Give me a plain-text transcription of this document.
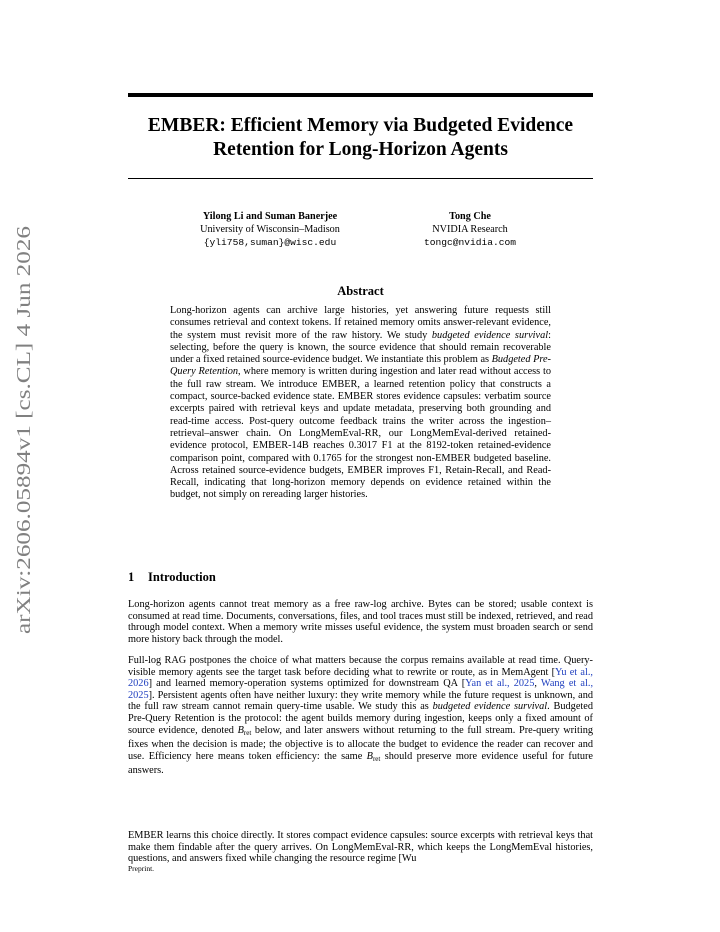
arXiv:2606.05894v1 [cs.CL] 4 Jun 2026
EMBER: Efficient Memory via Budgeted Evidence Retention for Long-Horizon Agents
Yilong Li and Suman Banerjee
University of Wisconsin–Madison
{yli758,suman}@wisc.edu
Tong Che
NVIDIA Research
tongc@nvidia.com
Abstract

Long-horizon agents can archive large histories, yet answering future requests still consumes retrieval and context tokens. If retained memory omits answer-relevant evidence, the system must revisit more of the raw history. We study budgeted evidence survival: selecting, before the query is known, the source evidence that should remain recoverable under a fixed retained source-evidence budget. We instantiate this problem as Budgeted Pre-Query Retention, where memory is written during ingestion and later read without access to the full raw stream. We introduce EMBER, a learned retention policy that constructs a compact, source-backed evidence state. EMBER stores evidence capsules: verbatim source excerpts paired with retrieval keys and update metadata, preserving both grounding and read-time access. Post-query outcome feedback trains the writer across the ingestion–retrieval–answer chain. On LongMemEval-RR, our LongMemEval-derived retained-evidence protocol, EMBER-14B reaches 0.3017 F1 at the 8192-token retained-evidence comparison point, compared with 0.1765 for the strongest non-EMBER budgeted baseline. Across retained source-evidence budgets, EMBER improves F1, Retain-Recall, and Read-Recall, indicating that long-horizon memory depends on evidence retained within the budget, not simply on rereading larger histories.

1 Introduction

Long-horizon agents cannot treat memory as a free raw-log archive. Bytes can be stored; usable context is consumed at read time. Documents, conversations, files, and tool traces must still be indexed, retrieved, and read through model context. When a memory write misses useful evidence, the system must broaden search or send more history back through the model.

Full-log RAG postpones the choice of what matters because the corpus remains available at read time. Query-visible memory agents see the target task before deciding what to rewrite or route, as in MemAgent [Yu et al., 2026] and learned memory-operation systems optimized for downstream QA [Yan et al., 2025, Wang et al., 2025]. Persistent agents often have neither luxury: they write memory while the future request is unknown, and the full raw stream cannot remain query-time usable. We study this as budgeted evidence survival. Budgeted Pre-Query Retention is the protocol: the agent builds memory during ingestion, keeps only a fixed amount of source evidence, denoted $B_{ret}$ below, and later answers without returning to the full stream. Pre-query writing fixes when the decision is made; the objective is to allocate the budget to evidence the reader can recover and use. Efficiency here means token efficiency: the same $B_{ret}$ should preserve more evidence useful for future answers.

EMBER learns this choice directly. It stores compact evidence capsules: source excerpts with retrieval keys that make them findable after the query arrives. On LongMemEval-RR, which keeps the LongMemEval histories, questions, and answers fixed while changing the resource regime [Wu

Preprint.
